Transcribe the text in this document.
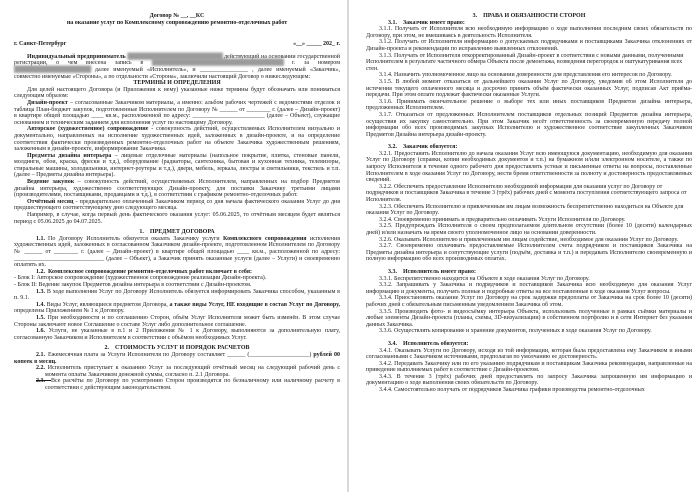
Договор № __, __КС
на оказание услуг по Комплексному сопровождению ремонтно-отделочных работ
г. Санкт-Петербург	«__» _____ 202_ г.
Индивидуальный предприниматель ██████████████████████████ действующий на основании государственной регистрации, о чем внесена запись в ████████████████████████████████████ г. за номером █████████████████████ далее именуемый «Исполнитель», и ________________ , далее именуемый «Заказчик», совместно именуемые «Стороны», а по отдельности «Сторона», заключили настоящий Договор о нижеследующем:
ТЕРМИНЫ И ОПРЕДЕЛЕНИЯ
Для целей настоящего Договора (и Приложения к нему) указанные ниже термины будут обозначать или пониматься следующим образом:
Дизайн-проект – согласованные Заказчиком материалы, а именно: альбом рабочих чертежей с ведомостями отделок и таблица План-бюджет закупок, подготовленные Исполнителем по Договору № ______ от ________ г. (далее – Дизайн-проект) в квартире общей площадью ____ кв.м., расположенной по адресу: ________________________ (далее – Объект), служащие основанием и техническим заданием для исполнения услуг по настоящему Договору.
Авторское (художественное) сопровождение - совокупность действий, осуществляемых Исполнителем визуально и документально, направленных на исполнение художественных идей, заложенных в дизайн-проекте, и на определение соответствия фактически произведенных ремонтно-отделочных работ на объекте Заказчика художественным решениям, заложенным в дизайн-проекте, информирование Заказчика.
Предметы дизайна интерьера – лицевые отделочные материалы (напольное покрытие, плитка, стеновые панели, молдинги, обои, краска, фрески и т.д.), оборудование (радиаторы, сантехника, бытовая и кухонная техника, телевизоры, стиральные машины, холодильники, интернет-роутеры и т.д.), двери, мебель, зеркала, люстры и светильники, текстиль и т.п. (далее – Предметы дизайна интерьера).
Ведение закупок – совокупность действий, осуществляемых Исполнителем, направленных на подбор Предметов дизайна интерьера, художественно соответствующих Дизайн-проекту, для поставки Заказчику третьими лицами (производителями, поставщиками, продавцами и т.д.), в соответствии с графиком ремонтно-отделочных работ.
Отчётный месяц - предварительно оплаченный Заказчиком период со дня начала фактического оказания Услуг до дня предшествующего соответствующему дню следующего месяца.
Например, в случае, когда первый день фактического оказания услуг: 05.06.2025, то отчётным месяцем будет являться период с 05.06.2025 до 04.07.2025.
1. ПРЕДМЕТ ДОГОВОРА
1.1. По Договору Исполнитель обязуется оказать Заказчику услуги Комплексного сопровождения исполнения художественных идей, заложенных в согласованном Заказчиком дизайн-проекте, подготовленном Исполнителем по Договору № ______ от ________ г. (далее – Дизайн-проект) в квартире общей площадью ____ кв.м., расположенной по адресу: ______________________________ (далее – Объект), а Заказчик принять оказанные услуги (далее – Услуги) и своевременно оплатить их.
1.2.  Комплексное сопровождение ремонтно-отделочных работ включает в себя:
- Блок I: Авторское сопровождение (художественное сопровождение реализации Дизайн-проекта).
- Блок II: Ведение закупок Предметов дизайна интерьера в соответствии с Дизайн-проектом.
1.3. В ходе выполнения Услуг по Договору Исполнитель обязуется информировать Заказчика способом, указанным в п. 9.1.
1.4. Виды Услуг, являющиеся предметом Договора, а также виды Услуг, НЕ входящие в состав Услуг по Договору, определены Приложением № 1 к Договору.
1.5. При необходимости и по соглашению Сторон, объём Услуг Исполнителя может быть изменён. В этом случае Стороны заключают новое Соглашение о составе Услуг либо дополнительное соглашение.
1.6. Услуги, не указанные в п.1 и 2 Приложения № 1 к Договору, выполняются за дополнительную плату, согласованную Заказчиком и Исполнителем в соответствии с объёмом необходимых Услуг.
2. СТОИМОСТЬ УСЛУГ И ПОРЯДОК РАСЧЕТОВ
2.1. Ежемесячная плата за Услуги Исполнителя по Договору составляет ______ (____________________) рублей 00 копеек в месяц.
2.2. Исполнитель приступает к оказанию Услуг за последующий отчётный месяц на следующий рабочий день с момента оплаты Заказчиком денежной суммы, согласно п. 2.1 Договора.
2.3.—Все расчёты по Договору по усмотрению Сторон производятся по безналичному или наличному расчету в соответствии с действующим законодательством.
3. ПРАВА И ОБЯЗАННОСТИ СТОРОН
3.1. Заказчик имеет право:
3.1.1. Получать от Исполнителя всю необходимую информацию о ходе выполнения последним своих обязательств по Договору, при этом, не вмешиваясь в деятельность Исполнителя.
3.1.2. Получать от Исполнителя информацию о допускаемых подрядчиками и поставщиками Заказчика отклонениях от Дизайн-проекта и рекомендации по исправлению выявленных отклонений.
3.1.3. Получать от Исполнителя откорректированный Дизайн-проект в соответствии с новыми данными, полученными Исполнителем в результате частичного обмера Объекта после демонтажа, возведения перегородок и оштукатуривания всех стен.
3.1.4. Назначить уполномоченное лицо на основании доверенности для представления его интересов по Договору.
3.1.5. В любой момент отказаться от дальнейшего оказания Услуг по Договору, уведомив об этом Исполнителя до истечения текущего оплаченного месяца и досрочно принять объём фактически оказанных Услуг, подписав Акт приёма-передачи. При этом оплате подлежат фактически оказанные Услуги.
3.1.6. Принимать окончательное решение о выборе тех или иных поставщиков Предметов дизайна интерьера, предложенных Исполнителем.
3.1.7. Отказаться от предложенных Исполнителем поставщиков отдельных позиций Предметов дизайна интерьера, осуществив их закупку самостоятельно. При этом Заказчик несёт ответственность за своевременную передачу полной информации обо всех производимых закупках Исполнителю и художественное соответствие закупленных Заказчиком Предметов Дизайна интерьера дизайн-проекту.
3.2. Заказчик обязуется:
3.2.1. Предоставить Исполнителю до начала оказания Услуг всю имеющуюся документацию, необходимую для оказания Услуг по Договору (справки, копии необходимых документов и т.п.) на бумажном и/или электронном носителе, а также по запросу Исполнителя в течение одного рабочего дня предоставлять устные и письменные ответы на вопросы, поставленные Исполнителем в ходе оказания Услуг по Договору, нести бремя ответственности за полноту и достоверность предоставляемых сведений.
3.2.2. Обеспечить предоставление Исполнителю необходимой информации для оказания услуг по Договору от подрядчиков и поставщиков Заказчика в течение 3 (трёх) рабочих дней с момента поступления соответствующего запроса от Исполнителя.
3.2.3. Обеспечить Исполнителю и привлеченным им лицам возможность беспрепятственно находиться на Объекте для оказания Услуг по Договору.
3.2.4. Своевременно принимать и предварительно оплачивать Услуги Исполнителя по Договору.
3.2.5. Предупреждать Исполнителя о своем предполагаемом длительном отсутствии (более 10 (десяти) календарных дней) и/или назначать на время своего уполномоченное лицо на основании доверенности.
3.2.6. Оказывать Исполнителю и привлеченным им лицам содействие, необходимое для оказания Услуг по Договору.
3.2.7. Своевременно оплачивать предоставляемые Исполнителем счета подрядчиков и поставщиков Заказчика на Предметы дизайна интерьера и сопутствующие услуги (подъём, доставка и т.п.) и передавать Исполнителю своевременную и полную информацию обо всех производимых оплатах.
3.3. Исполнитель имеет право:
3.3.1. Беспрепятственно находится на Объекте в ходе оказания Услуг по Договору.
3.3.2. Запрашивать у Заказчика и подрядчиков и поставщиков Заказчика всю необходимую для оказания Услуг информацию и документы, получать полные и подробные ответы на все поставленные в ходе оказания Услуг вопросы.
3.3.4. Приостановить оказание Услуг по Договору на срок задержки предоплаты от Заказчика на срок более 10 (десяти) рабочих дней с обязательным письменным уведомлением Заказчика об этом.
3.3.5. Производить фото- и видеосъёмку интерьера Объекта, использовать полученные в рамках съёмки материалы и любые элементы Дизайн-проекта (планы, схемы, 3D-визуализации) в собственном портфолио и в сети Интернет без указания данных Заказчика.
3.3.6. Осуществлять копирование и хранение документов, полученных в ходе оказания Услуг по Договору.
3.4. Исполнитель обязуется:
3.4.1. Оказывать Услуги по Договору, исходя из той информации, которая была предоставлена ему Заказчиком и иными согласованными с Заказчиком источниками, предполагая по умолчанию ее достоверность.
3.4.2. Передавать Заказчику или по его указанию подрядчикам и поставщикам Заказчика рекомендации, направленные на приведение выполняемых работ в соответствие с Дизайн-проектом.
3.4.3. В течение 3 (трёх) рабочих дней предоставлять по запросу Заказчика запрошенную им информацию и документацию о ходе выполнения своих обязательств по Договору.
3.4.4. Самостоятельно получать от подрядчиков Заказчика графики производства ремонтно-отделочных
